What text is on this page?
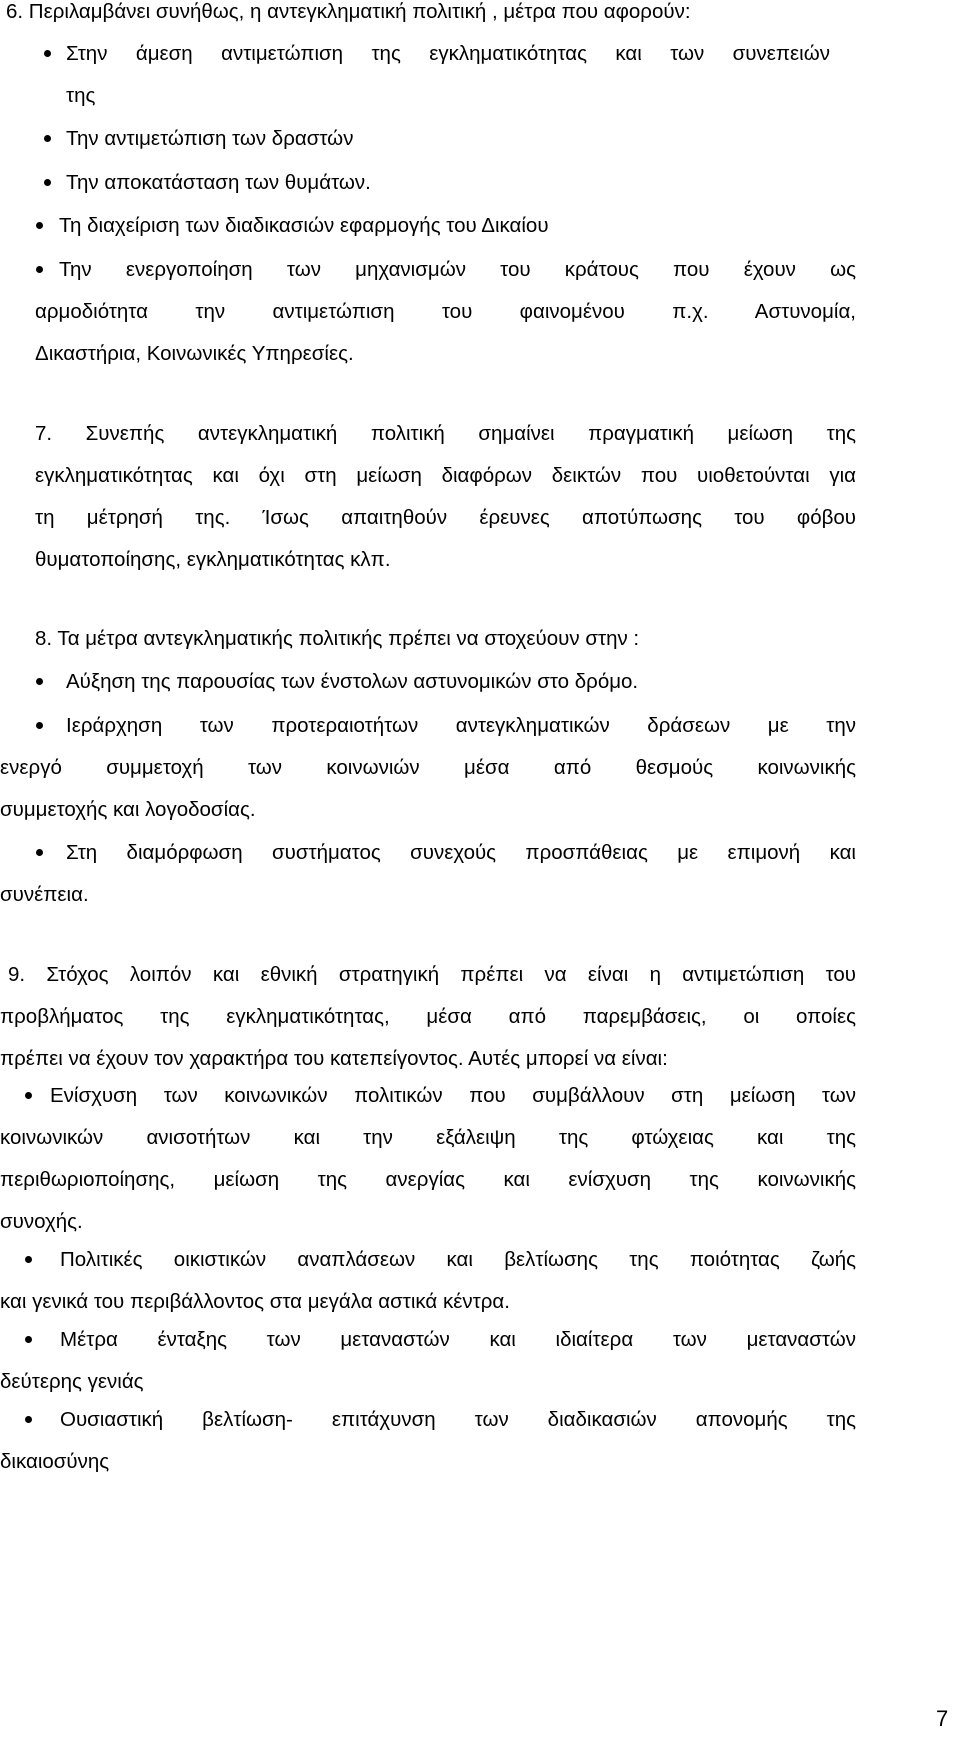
6. Περιλαμβάνει συνήθως, η αντεγκληματική πολιτική , μέτρα που αφορούν:
Στην άμεση αντιμετώπιση της εγκληματικότητας και των συνεπειών
της
Την αντιμετώπιση των δραστών
Την αποκατάσταση των θυμάτων.
Τη διαχείριση των διαδικασιών εφαρμογής του Δικαίου
Την ενεργοποίηση των μηχανισμών του κράτους που έχουν ως
αρμοδιότητα την αντιμετώπιση του φαινομένου π.χ. Αστυνομία,
Δικαστήρια, Κοινωνικές Υπηρεσίες.
7. Συνεπής αντεγκληματική πολιτική σημαίνει πραγματική μείωση της
εγκληματικότητας και όχι στη μείωση διαφόρων δεικτών που υιοθετούνται για
τη μέτρησή της. Ίσως απαιτηθούν έρευνες αποτύπωσης του φόβου
θυματοποίησης, εγκληματικότητας κλπ.
8. Τα μέτρα αντεγκληματικής πολιτικής πρέπει να στοχεύουν στην :
Αύξηση της παρουσίας των ένστολων αστυνομικών στο δρόμο.
Ιεράρχηση των προτεραιοτήτων αντεγκληματικών δράσεων με την
ενεργό συμμετοχή των κοινωνιών μέσα από θεσμούς κοινωνικής
συμμετοχής και λογοδοσίας.
Στη διαμόρφωση συστήματος συνεχούς προσπάθειας με επιμονή και
συνέπεια.
9. Στόχος λοιπόν και εθνική στρατηγική πρέπει να είναι η αντιμετώπιση του
προβλήματος της εγκληματικότητας, μέσα από παρεμβάσεις, οι οποίες
πρέπει να έχουν τον χαρακτήρα του κατεπείγοντος. Αυτές μπορεί να είναι:
Ενίσχυση των κοινωνικών πολιτικών που συμβάλλουν στη μείωση των
κοινωνικών ανισοτήτων και την εξάλειψη της φτώχειας και της
περιθωριοποίησης, μείωση της ανεργίας και ενίσχυση της κοινωνικής
συνοχής.
Πολιτικές οικιστικών αναπλάσεων και βελτίωσης της ποιότητας ζωής
και γενικά του περιβάλλοντος στα μεγάλα αστικά κέντρα.
Μέτρα ένταξης των μεταναστών και ιδιαίτερα των μεταναστών
δεύτερης γενιάς
Ουσιαστική βελτίωση- επιτάχυνση των διαδικασιών απονομής της
δικαιοσύνης
7
